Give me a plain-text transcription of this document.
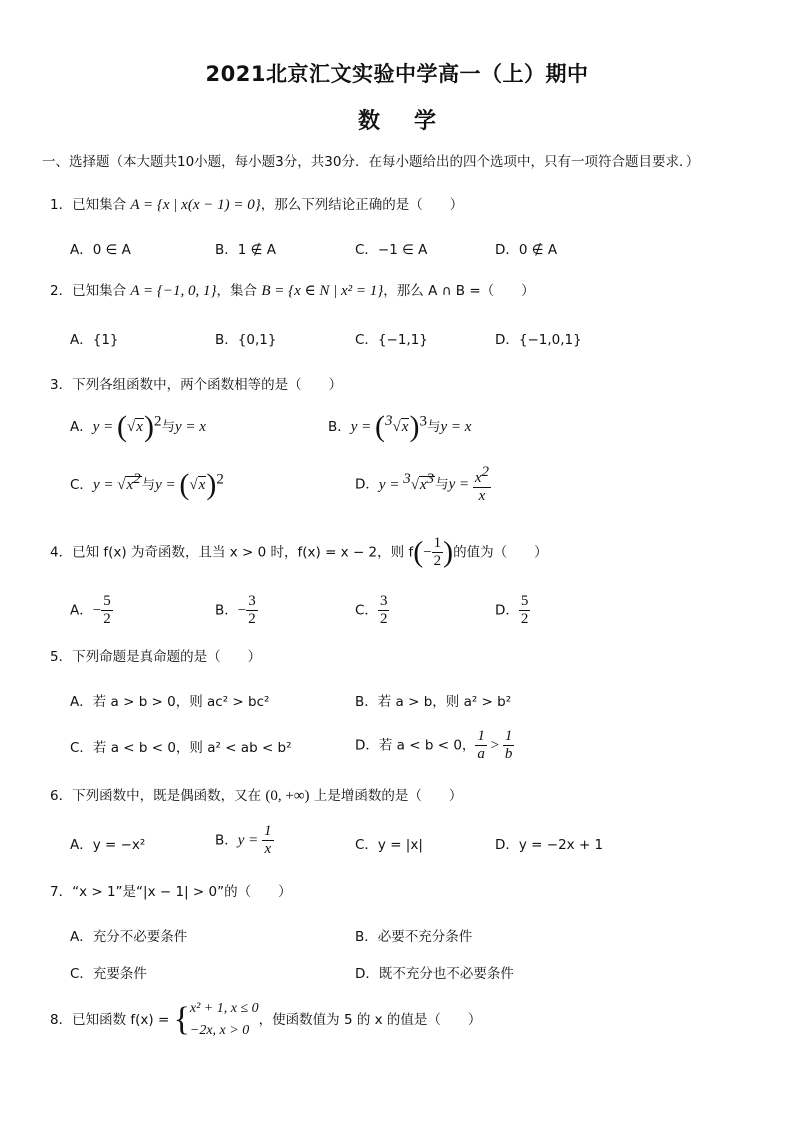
2021北京汇文实验中学高一（上）期中
数学
一、选择题（本大题共10小题，每小题3分，共30分．在每小题给出的四个选项中，只有一项符合题目要求．）
1．已知集合 A = {x | x(x − 1) = 0}，那么下列结论正确的是（　　）
A．0 ∈ A	B．1 ∉ A	C．−1 ∈ A	D．0 ∉ A
2．已知集合 A = {−1, 0, 1}，集合 B = {x ∈ N | x² = 1}，那么 A ∩ B =（　　）
A．{1}	B．{0,1}	C．{−1,1}	D．{−1,0,1}
3．下列各组函数中，两个函数相等的是（　　）
A．$y = (√x)^2$与y = x	B．$y = (^3√x)^3$与y = x
C．$y = √x^2$与$y = (√x)^2$	D．$y = ^3√x^3$与$y = \frac{x^2}{x}$
4．已知 f(x) 为奇函数，且当 x > 0 时，f(x) = x − 2，则 $f(- \frac{1}{2}$ )的值为（　　）
A．− $\frac{5}{2}$	B．− $\frac{3}{2}$	C． $\frac{3}{2}$	D． $\frac{5}{2}$
5．下列命题是真命题的是（　　）
A．若 a > b > 0，则 ac² > bc²	B．若 a > b，则 a² > b²
C．若 a < b < 0，则 a² < ab < b²	D．若 a < b < 0， $\frac{1}{a} > \frac{1}{b}$
6．下列函数中，既是偶函数，又在 (0, +∞) 上是增函数的是（　　）
A．y = −x²	B．$y = \frac{1}{x}$	C．y = |x|	D．y = −2x + 1
7．“x > 1”是“|x − 1| > 0”的（　　）
A．充分不必要条件	B．必要不充分条件
C．充要条件	D．既不充分也不必要条件
8．已知函数 f(x) = {x² + 1, x ≤ 0
−2x, x > 0，使函数值为 5 的 x 的值是（　　）
